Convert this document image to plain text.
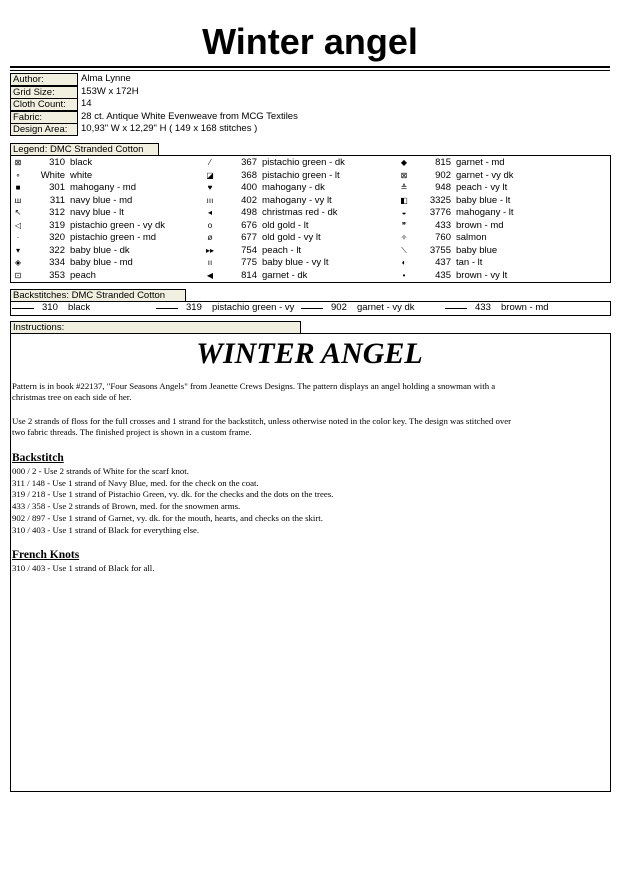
Winter angel
Author:	Alma Lynne
Grid Size:	153W x 172H
Cloth Count:	14
Fabric:	28 ct. Antique White Evenweave from MCG Textiles
Design Area:	10,93" W x 12,29" H ( 149 x 168 stitches )
Legend: DMC Stranded Cotton
⊠	310 black
∘	White white
■	301 mahogany - md
ш	311 navy blue - md
↖	312 navy blue - lt
◁	319 pistachio green - vy dk
·	320 pistachio green - md
▾	322 baby blue - dk
◈	334 baby blue - md
⊡	353 peach
⁄	367 pistachio green - dk
◪	368 pistachio green - lt
♥	400 mahogany - dk
ııı	402 mahogany - vy lt
◂	498 christmas red - dk
o	676 old gold - lt
ø	677 old gold - vy lt
▸▸	754 peach - lt
ıı	775 baby blue - vy lt
◀	814 garnet - dk
◆	815 garnet - md
⊠	902 garnet - vy dk
≙	948 peach - vy lt
◧	3325 baby blue - lt
◒	3776 mahogany - lt
❞	433 brown - md
✧	760 salmon
⟍	3755 baby blue
◐	437 tan - lt
•	435 brown - vy lt
Backstitches: DMC Stranded Cotton
310 black	319 pistachio green - vy	902 garnet - vy dk	433 brown - md
Instructions:
WINTER ANGEL
Pattern is in book #22137, "Four Seasons Angels" from Jeanette Crews Designs. The pattern displays an angel holding a snowman with a
christmas tree on each side of her.
Use 2 strands of floss for the full crosses and 1 strand for the backstitch, unless otherwise noted in the color key. The design was stitched over
two fabric threads. The finished project is shown in a custom frame.
Backstitch
000 / 2 - Use 2 strands of White for the scarf knot.
311 / 148 - Use 1 strand of Navy Blue, med. for the check on the coat.
319 / 218 - Use 1 strand of Pistachio Green, vy. dk. for the checks and the dots on the trees.
433 / 358 - Use 2 strands of Brown, med. for the snowmen arms.
902 / 897 - Use 1 strand of Garnet, vy. dk. for the mouth, hearts, and checks on the skirt.
310 / 403 - Use 1 strand of Black for everything else.
French Knots
310 / 403 - Use 1 strand of Black for all.
